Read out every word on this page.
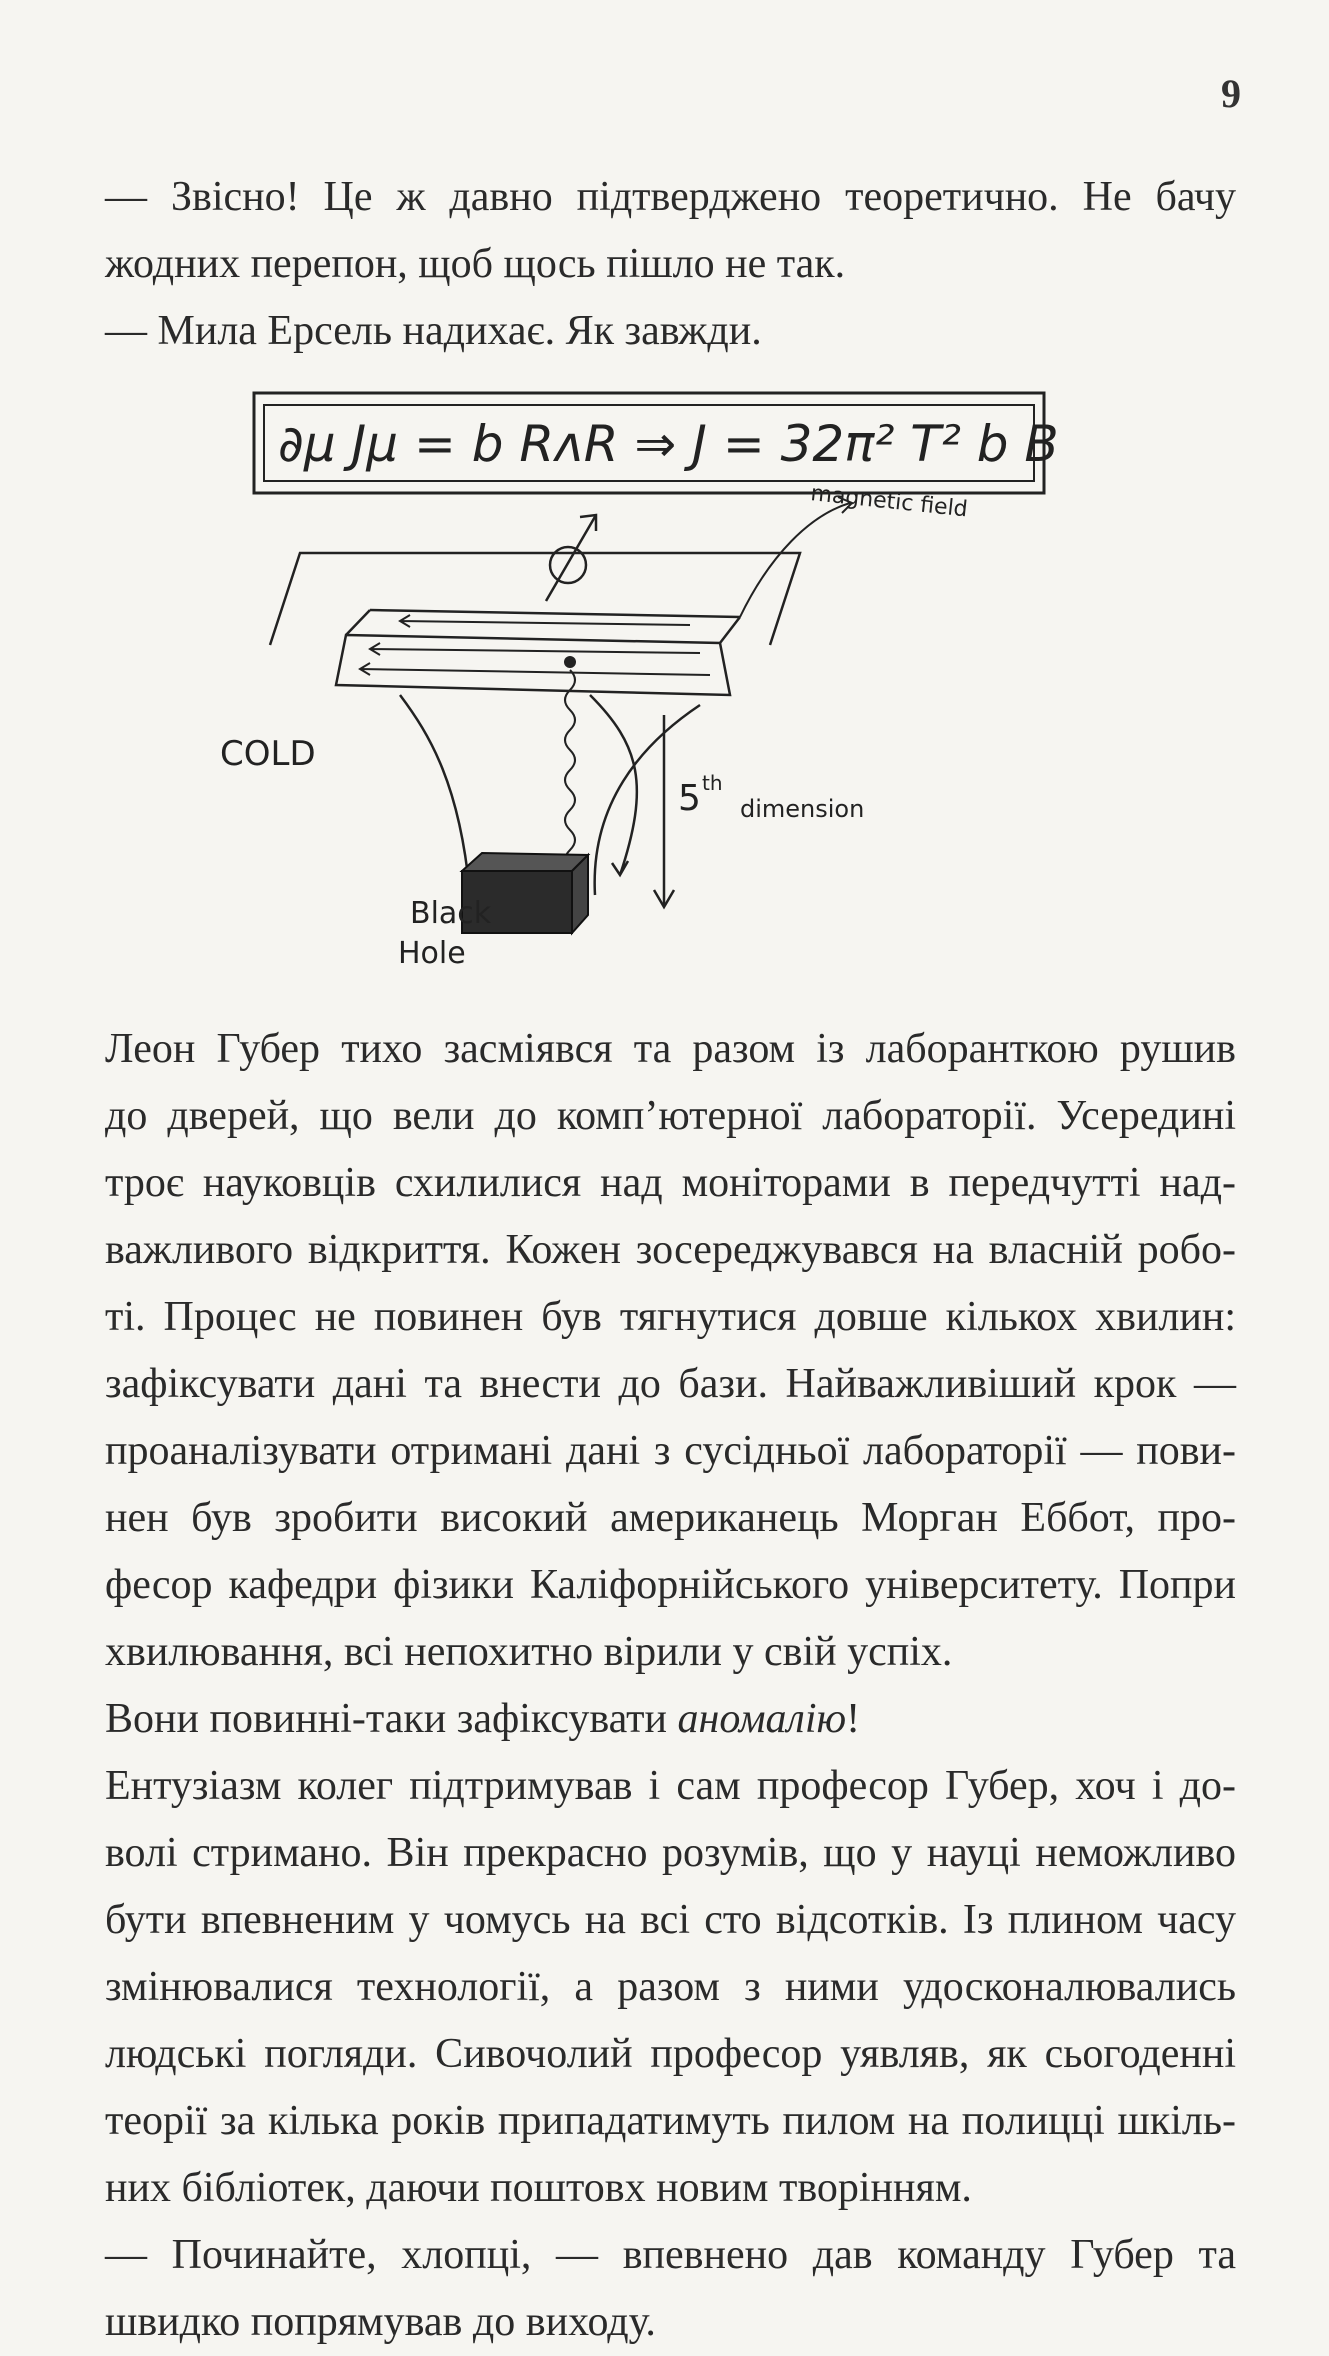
9

— Звісно! Це ж давно підтверджено теоретично. Не бачу

жодних перепон, щоб щось пішло не так.

— Мила Ерсель надихає. Як завжди.

∂μ Jμ = b RᴧR ⇒ J = 32π² T² b B
magnetic field
COLD
5 th
dimension
Black
Hole

Леон Губер тихо засміявся та разом із лаборанткою рушив

до дверей, що вели до комп’ютерної лабораторії. Усередині

троє науковців схилилися над моніторами в передчутті над-

важливого відкриття. Кожен зосереджувався на власній робо-

ті. Процес не повинен був тягнутися довше кількох хвилин:

зафіксувати дані та внести до бази. Найважливіший крок —

проаналізувати отримані дані з сусідньої лабораторії — пови-

нен був зробити високий американець Морган Еббот, про-

фесор кафедри фізики Каліфорнійського університету. Попри

хвилювання, всі непохитно вірили у свій успіх.

Вони повинні-таки зафіксувати аномалію!

Ентузіазм колег підтримував і сам професор Губер, хоч і до-

волі стримано. Він прекрасно розумів, що у науці неможливо

бути впевненим у чомусь на всі сто відсотків. Із плином часу

змінювалися технології, а разом з ними удосконалювались

людські погляди. Сивочолий професор уявляв, як сьогоденні

теорії за кілька років припадатимуть пилом на полицці шкіль-

них бібліотек, даючи поштовх новим творінням.

— Починайте, хлопці, — впевнено дав команду Губер та

швидко попрямував до виходу.
